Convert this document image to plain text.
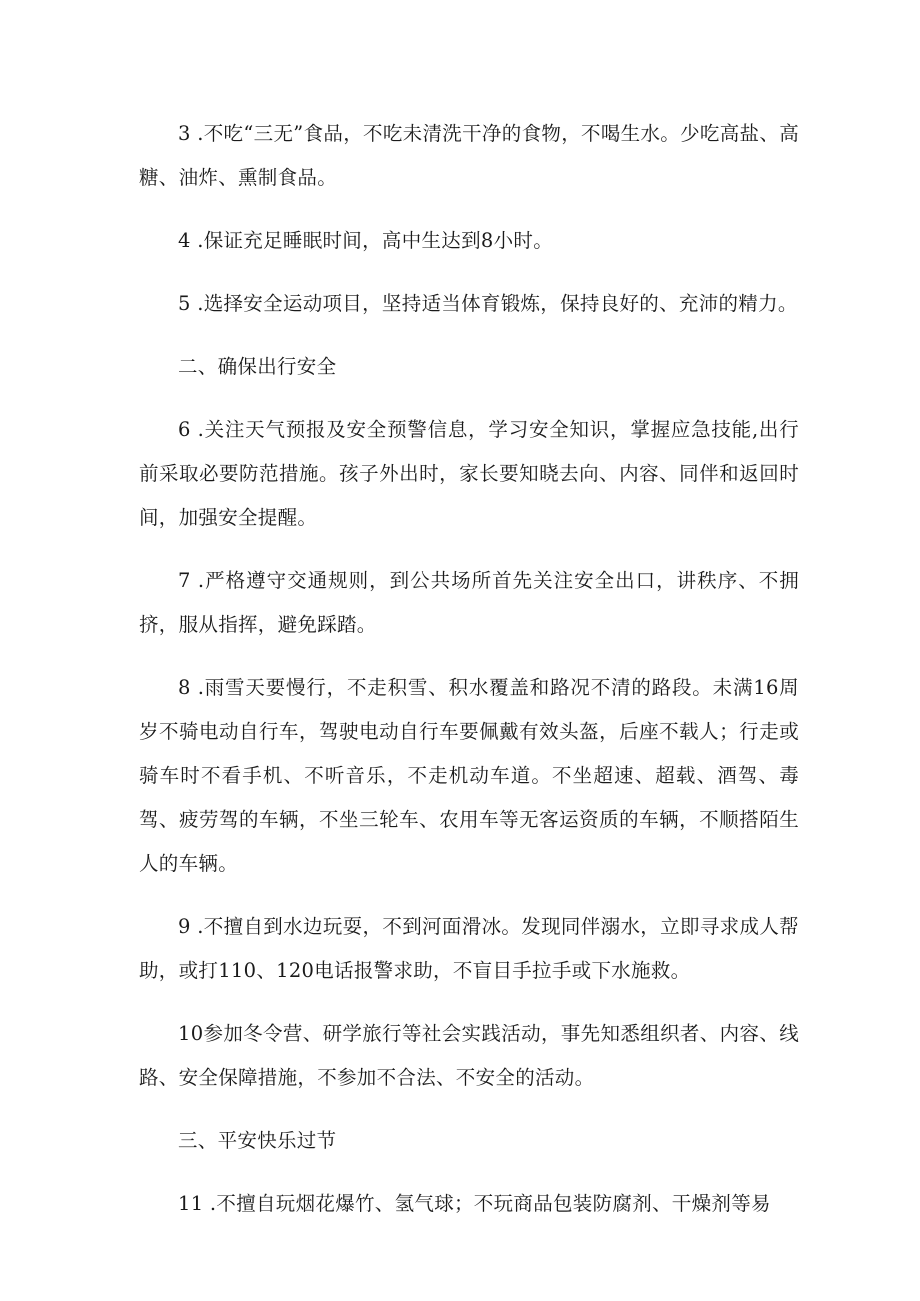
3 .不吃“三无”食品，不吃未清洗干净的食物，不喝生水。少吃高盐、高糖、油炸、熏制食品。

4 .保证充足睡眠时间，高中生达到8小时。

5 .选择安全运动项目，坚持适当体育锻炼，保持良好的、充沛的精力。

二、确保出行安全

6 .关注天气预报及安全预警信息，学习安全知识，掌握应急技能,出行前采取必要防范措施。孩子外出时，家长要知晓去向、内容、同伴和返回时间，加强安全提醒。

7 .严格遵守交通规则，到公共场所首先关注安全出口，讲秩序、不拥挤，服从指挥，避免踩踏。

8 .雨雪天要慢行，不走积雪、积水覆盖和路况不清的路段。未满16周岁不骑电动自行车，驾驶电动自行车要佩戴有效头盔，后座不载人；行走或骑车时不看手机、不听音乐，不走机动车道。不坐超速、超载、酒驾、毒驾、疲劳驾的车辆，不坐三轮车、农用车等无客运资质的车辆，不顺搭陌生人的车辆。

9 .不擅自到水边玩耍，不到河面滑冰。发现同伴溺水，立即寻求成人帮助，或打110、120电话报警求助，不盲目手拉手或下水施救。

10参加冬令营、研学旅行等社会实践活动，事先知悉组织者、内容、线路、安全保障措施，不参加不合法、不安全的活动。

三、平安快乐过节

11 .不擅自玩烟花爆竹、氢气球；不玩商品包装防腐剂、干燥剂等易
